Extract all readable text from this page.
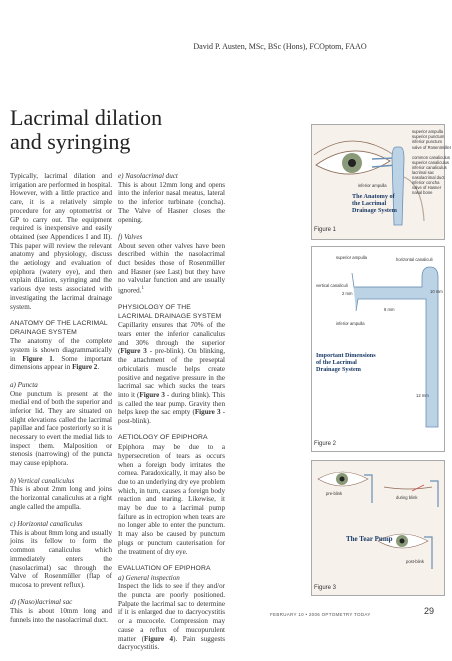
David P. Austen, MSc, BSc (Hons), FCOptom, FAAO
Lacrimal dilation
and syringing

Typically, lacrimal dilation and irrigation are performed in hospital. However, with a little practice and care, it is a relatively simple procedure for any optometrist or GP to carry out. The equipment required is inexpensive and easily obtained (see Appendices I and II). This paper will review the relevant anatomy and physiology, discuss the aetiology and evaluation of epiphora (watery eye), and then explain dilation, syringing and the various dye tests associated with investigating the lacrimal drainage system.

ANATOMY OF THE LACRIMAL DRAINAGE SYSTEM

The anatomy of the complete system is shown diagrammatically in Figure 1. Some important dimensions appear in Figure 2.

a) Puncta

One punctum is present at the medial end of both the superior and inferior lid. They are situated on slight elevations called the lacrimal papillae and face posteriorly so it is necessary to evert the medial lids to inspect them. Malposition or stenosis (narrowing) of the puncta may cause epiphora.

b) Vertical canaliculus

This is about 2mm long and joins the horizontal canaliculus at a right angle called the ampulla.

c) Horizontal canaliculus

This is about 8mm long and usually joins its fellow to form the common canaliculus which immediately enters the (nasolacrimal) sac through the Valve of Rosenmüller (flap of mucosa to prevent reflux).

d) (Naso)lacrimal sac

This is about 10mm long and funnels into the nasolacrimal duct.

e) Nasolacrimal duct

This is about 12mm long and opens into the inferior nasal meatus, lateral to the inferior turbinate (concha). The Valve of Hasner closes the opening.

f) Valves

About seven other valves have been described within the nasolacrimal duct besides those of Rosenmüller and Hasner (see Last) but they have no valvular function and are usually ignored.$^1$

PHYSIOLOGY OF THE LACRIMAL DRAINAGE SYSTEM

Capillarity ensures that 70% of the tears enter the inferior canaliculus and 30% through the superior (Figure 3 - pre-blink). On blinking, the attachment of the preseptal orbicularis muscle helps create positive and negative pressure in the lacrimal sac which sucks the tears into it (Figure 3 - during blink). This is called the tear pump. Gravity then helps keep the sac empty (Figure 3 - post-blink).

AETIOLOGY OF EPIPHORA

Epiphora may be due to a hypersecretion of tears as occurs when a foreign body irritates the cornea. Paradoxically, it may also be due to an underlying dry eye problem which, in turn, causes a foreign body reaction and tearing. Likewise, it may be due to a lacrimal pump failure as in ectropion when tears are no longer able to enter the punctum. It may also be caused by punctum plugs or punctum cauterisation for the treatment of dry eye.

EVALUATION OF EPIPHORA
a) General inspection

Inspect the lids to see if they and/or the puncta are poorly positioned. Palpate the lacrimal sac to determine if it is enlarged due to dacryocystitis or a mucocele. Compression may cause a reflux of mucopurulent matter (Figure 4). Pain suggests dacryocystitis.

superior ampulla
superior punctum
inferior punctum
inferior ampulla
valve of Rosenmüller
common canaliculus
superior canaliculus
inferior canaliculus
lacrimal sac
nasolacrimal duct
inferior concha
valve of Hasner
nasal bone
The Anatomy of
the Lacrimal
Drainage System
Figure 1
superior ampulla	horizontal canaliculi
vertical canaliculi
inferior ampulla
2 mm
8 mm
10 mm
12 mm
Important Dimensions
of the Lacrimal
Drainage System
Figure 2
pre-blink
during blink
post-blink
The Tear Pump
Figure 3
FEBRUARY 10 • 2006 OPTOMETRY TODAY	29
